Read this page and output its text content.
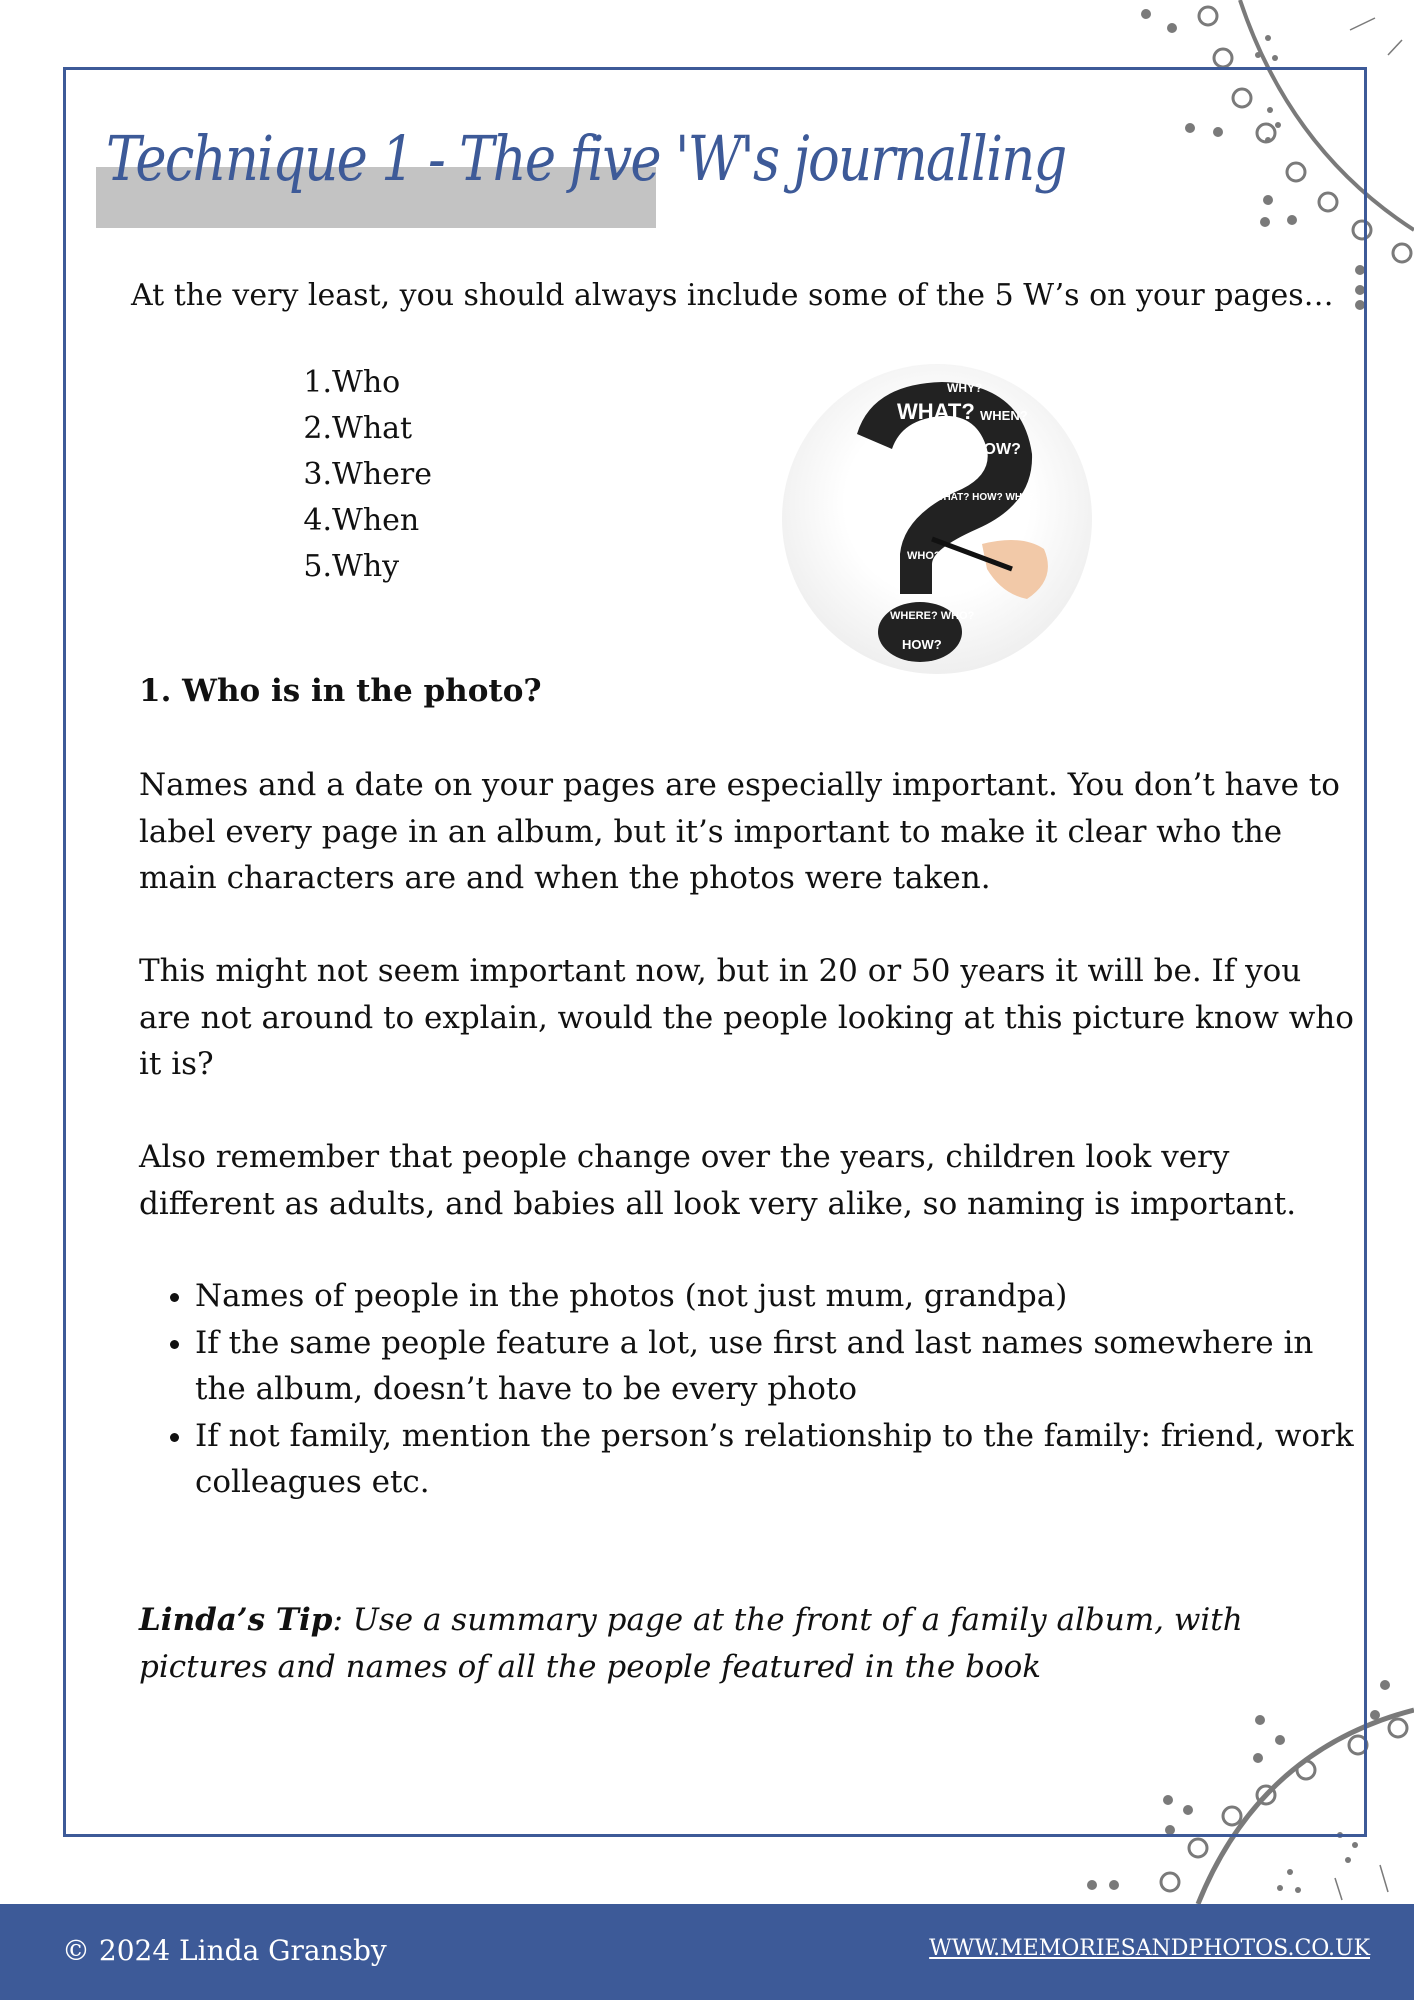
Technique 1 - The five 'W's journalling
At the very least, you should always include some of the 5 W’s on your pages…
1.Who
2.What
3.Where
4.When
5.Why
WHAT?
WHY?
WHEN?
HOW?
WHAT? HOW? WHY?
WHO?
WHERE? WHO?
HOW?
1. Who is in the photo?
Names and a date on your pages are especially important. You don’t have to label every page in an album, but it’s important to make it clear who the main characters are and when the photos were taken.
This might not seem important now, but in 20 or 50 years it will be. If you are not around to explain, would the people looking at this picture know who it is?
Also remember that people change over the years, children look very different as adults, and babies all look very alike, so naming is important.
• Names of people in the photos (not just mum, grandpa)
• If the same people feature a lot, use first and last names somewhere in the album, doesn’t have to be every photo
• If not family, mention the person’s relationship to the family: friend, work colleagues etc.
Linda’s Tip: Use a summary page at the front of a family album, with pictures and names of all the people featured in the book
© 2024 Linda Gransby	WWW.MEMORIESANDPHOTOS.CO.UK
